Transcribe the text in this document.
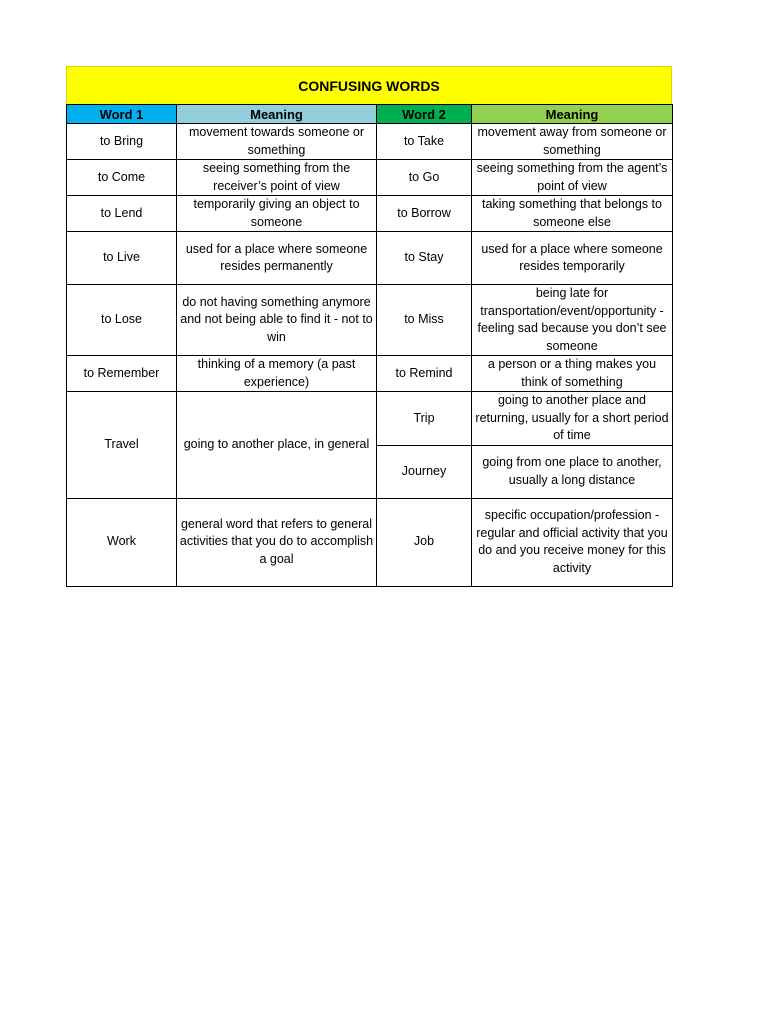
CONFUSING WORDS
Word 1	Meaning	Word 2	Meaning
to Bring	movement towards someone or something	to Take	movement away from someone or something
to Come	seeing something from the receiver’s point of view	to Go	seeing something from the agent’s point of view
to Lend	temporarily giving an object to someone	to Borrow	taking something that belongs to someone else
to Live	used for a place where someone resides permanently	to Stay	used for a place where someone resides temporarily
to Lose	do not having something anymore and not being able to find it - not to win	to Miss	being late for transportation/event/opportunity - feeling sad because you don’t see someone
to Remember	thinking of a memory (a past experience)	to Remind	a person or a thing makes you think of something
Travel	going to another place, in general	Trip	going to another place and returning, usually for a short period of time
		Journey	going from one place to another, usually a long distance
Work	general word that refers to general activities that you do to accomplish a goal	Job	specific occupation/profession - regular and official activity that you do and you receive money for this activity
